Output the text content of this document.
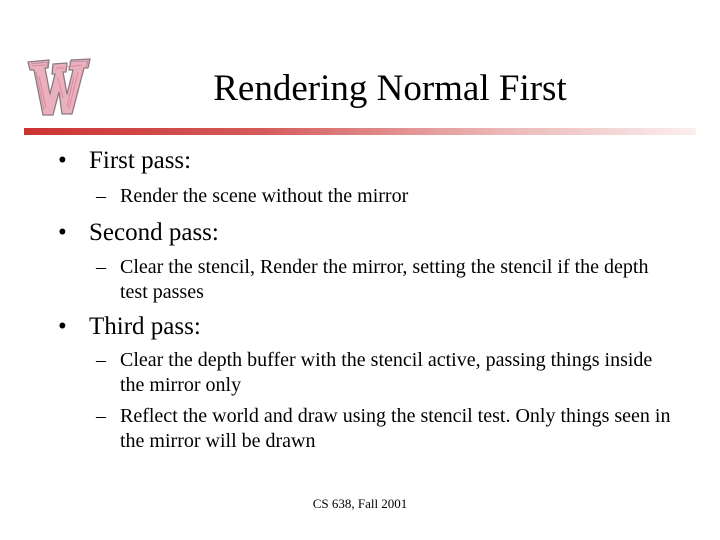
Rendering Normal First
• First pass:
– Render the scene without the mirror
• Second pass:
– Clear the stencil, Render the mirror, setting the stencil if the depth test passes
• Third pass:
– Clear the depth buffer with the stencil active, passing things inside the mirror only
– Reflect the world and draw using the stencil test. Only things seen in the mirror will be drawn
CS 638, Fall 2001
